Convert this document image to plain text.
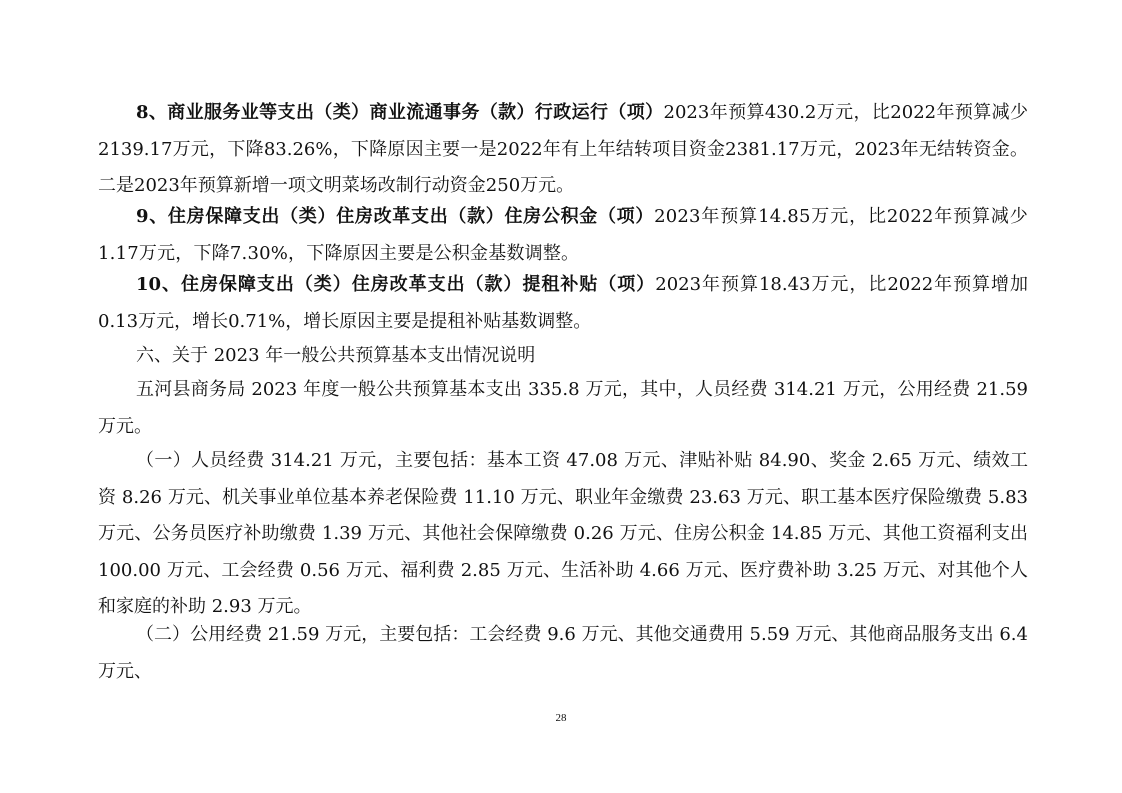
8、商业服务业等支出（类）商业流通事务（款）行政运行（项）2023年预算430.2万元，比2022年预算减少2139.17万元，下降83.26%，下降原因主要一是2022年有上年结转项目资金2381.17万元，2023年无结转资金。二是2023年预算新增一项文明菜场改制行动资金250万元。

9、住房保障支出（类）住房改革支出（款）住房公积金（项）2023年预算14.85万元，比2022年预算减少1.17万元，下降7.30%，下降原因主要是公积金基数调整。

10、住房保障支出（类）住房改革支出（款）提租补贴（项）2023年预算18.43万元，比2022年预算增加0.13万元，增长0.71%，增长原因主要是提租补贴基数调整。

六、关于 2023 年一般公共预算基本支出情况说明

五河县商务局 2023 年度一般公共预算基本支出 335.8 万元，其中，人员经费 314.21 万元，公用经费 21.59 万元。

（一）人员经费 314.21 万元，主要包括：基本工资 47.08 万元、津贴补贴 84.90、奖金 2.65 万元、绩效工资 8.26 万元、机关事业单位基本养老保险费 11.10 万元、职业年金缴费 23.63 万元、职工基本医疗保险缴费 5.83 万元、公务员医疗补助缴费 1.39 万元、其他社会保障缴费 0.26 万元、住房公积金 14.85 万元、其他工资福利支出 100.00 万元、工会经费 0.56 万元、福利费 2.85 万元、生活补助 4.66 万元、医疗费补助 3.25 万元、对其他个人和家庭的补助 2.93 万元。

（二）公用经费 21.59 万元，主要包括：工会经费 9.6 万元、其他交通费用 5.59 万元、其他商品服务支出 6.4 万元、

28
